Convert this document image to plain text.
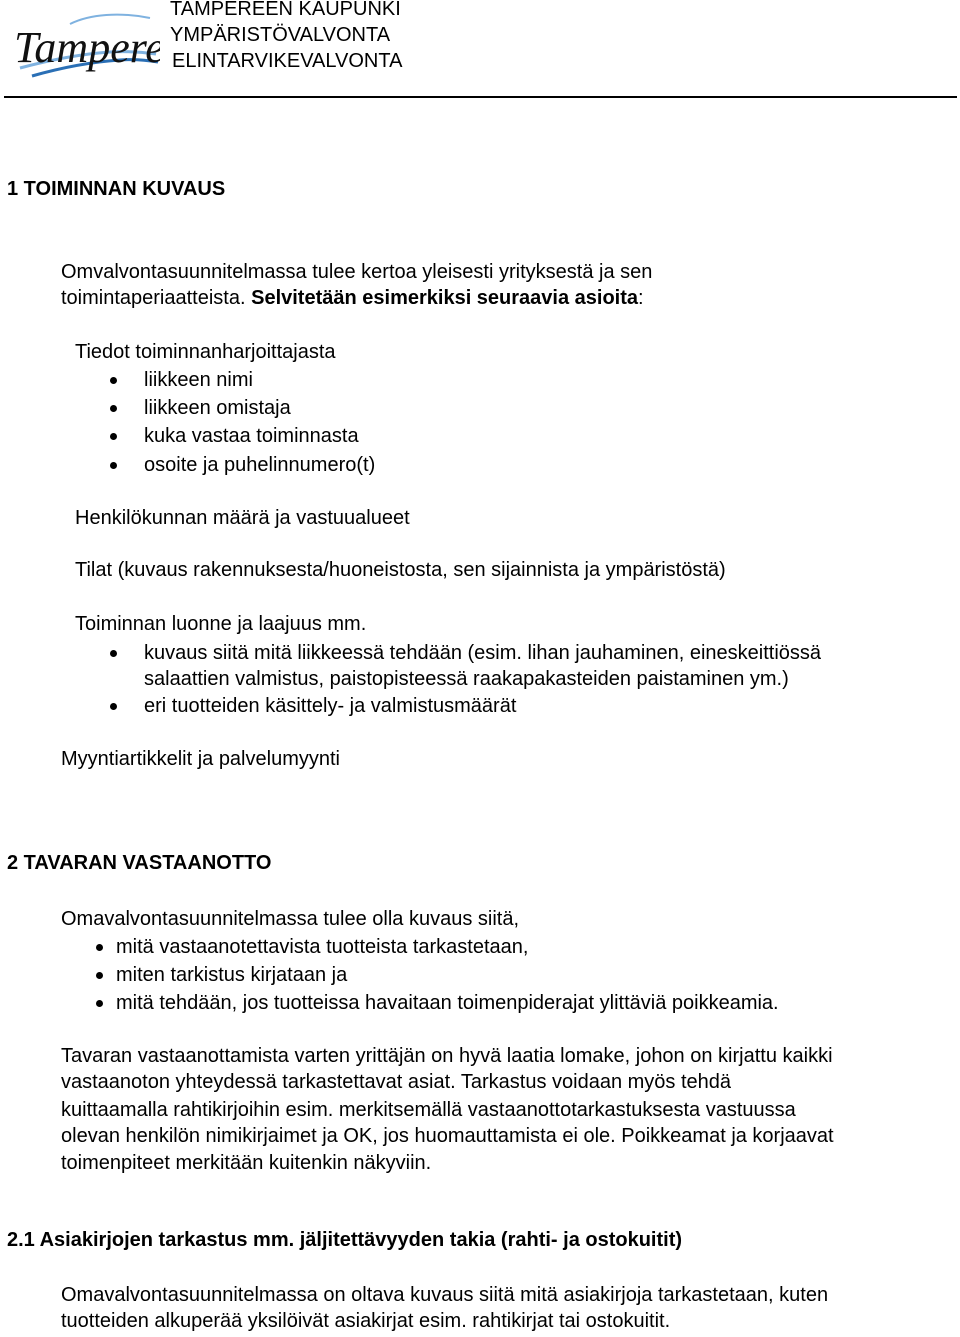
Tampere
TAMPEREEN KAUPUNKI
YMPÄRISTÖVALVONTA
ELINTARVIKEVALVONTA
1 TOIMINNAN KUVAUS
Omvalvontasuunnitelmassa tulee kertoa yleisesti yrityksestä ja sen
toimintaperiaatteista. Selvitetään esimerkiksi seuraavia asioita:
Tiedot toiminnanharjoittajasta
liikkeen nimi
liikkeen omistaja
kuka vastaa toiminnasta
osoite ja puhelinnumero(t)
Henkilökunnan määrä ja vastuualueet
Tilat (kuvaus rakennuksesta/huoneistosta, sen sijainnista ja ympäristöstä)
Toiminnan luonne ja laajuus mm.
kuvaus siitä mitä liikkeessä tehdään (esim. lihan jauhaminen, eineskeittiössä
salaattien valmistus, paistopisteessä raakapakasteiden paistaminen ym.)
eri tuotteiden käsittely- ja valmistusmäärät
Myyntiartikkelit ja palvelumyynti
2 TAVARAN VASTAANOTTO
Omavalvontasuunnitelmassa tulee olla kuvaus siitä,
mitä vastaanotettavista tuotteista tarkastetaan,
miten tarkistus kirjataan ja
mitä tehdään, jos tuotteissa havaitaan toimenpiderajat ylittäviä poikkeamia.
Tavaran vastaanottamista varten yrittäjän on hyvä laatia lomake, johon on kirjattu kaikki
vastaanoton yhteydessä tarkastettavat asiat. Tarkastus voidaan myös tehdä
kuittaamalla rahtikirjoihin esim. merkitsemällä vastaanottotarkastuksesta vastuussa
olevan henkilön nimikirjaimet ja OK, jos huomauttamista ei ole. Poikkeamat ja korjaavat
toimenpiteet merkitään kuitenkin näkyviin.
2.1 Asiakirjojen tarkastus mm. jäljitettävyyden takia (rahti- ja ostokuitit)
Omavalvontasuunnitelmassa on oltava kuvaus siitä mitä asiakirjoja tarkastetaan, kuten
tuotteiden alkuperää yksilöivät asiakirjat esim. rahtikirjat tai ostokuitit.
